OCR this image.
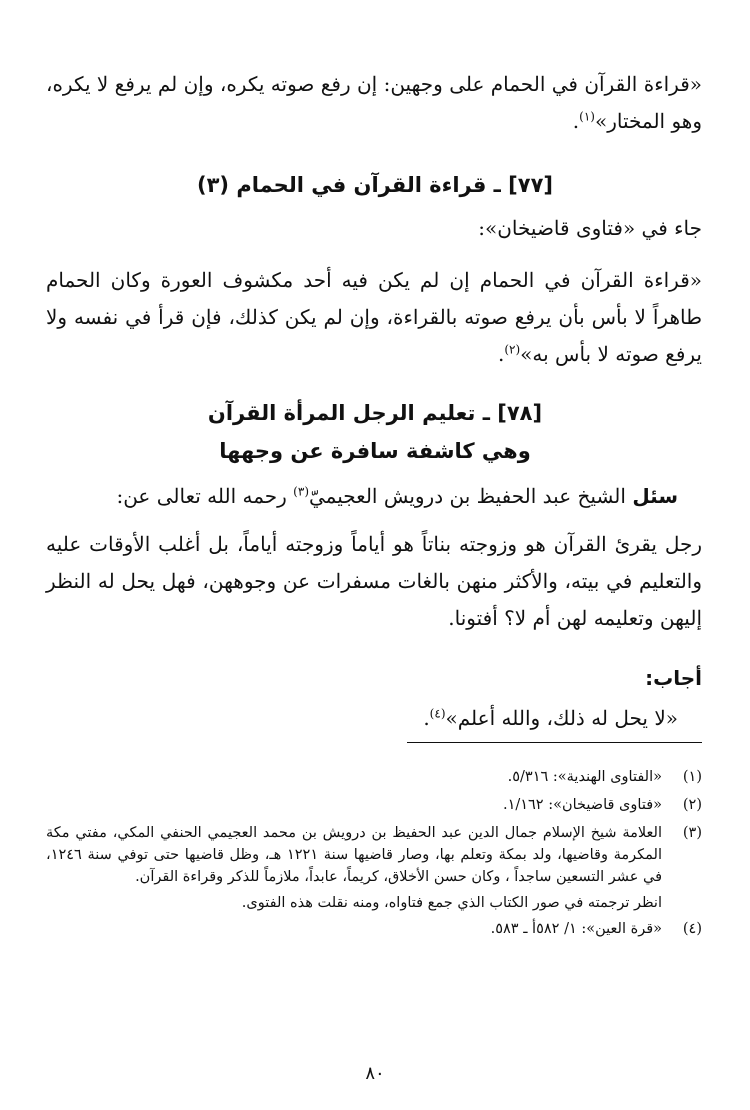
«قراءة القرآن في الحمام على وجهين: إن رفع صوته يكره، وإن لم يرفع لا يكره، وهو المختار»$^{(١)}$.

[٧٧] ـ قراءة القرآن في الحمام (٣)

جاء في «فتاوى قاضيخان»:

«قراءة القرآن في الحمام إن لم يكن فيه أحد مكشوف العورة وكان الحمام طاهراً لا بأس بأن يرفع صوته بالقراءة، وإن لم يكن كذلك، فإن قرأ في نفسه ولا يرفع صوته لا بأس به»$^{(٢)}$.

[٧٨] ـ تعليم الرجل المرأة القرآن

وهي كاشفة سافرة عن وجهها

سئل الشيخ عبد الحفيظ بن درويش العجيميّ$^{(٣)}$ رحمه الله تعالى عن:

رجل يقرئ القرآن هو وزوجته بناتاً هو أياماً وزوجته أياماً، بل أغلب الأوقات عليه والتعليم في بيته، والأكثر منهن بالغات مسفرات عن وجوههن، فهل يحل له النظر إليهن وتعليمه لهن أم لا؟ أفتونا.

أجاب:

«لا يحل له ذلك، والله أعلم»$^{(٤)}$.

(١)
«الفتاوى الهندية»: ٥/٣١٦.
(٢)
«فتاوى قاضيخان»: ١/١٦٢.
(٣)
العلامة شيخ الإسلام جمال الدين عبد الحفيظ بن درويش بن محمد العجيمي الحنفي المكي، مفتي مكة المكرمة وقاضيها، ولد بمكة وتعلم بها، وصار قاضيها سنة ١٢٢١ هـ، وظل قاضيها حتى توفي سنة ١٢٤٦، في عشر التسعين ساجداً ، وكان حسن الأخلاق، كريماً، عابداً، ملازماً للذكر وقراءة القرآن.
انظر ترجمته في صور الكتاب الذي جمع فتاواه، ومنه نقلت هذه الفتوى.
(٤)
«قرة العين»: ١/ ٥٨٢أ ـ ٥٨٣.
٨٠
